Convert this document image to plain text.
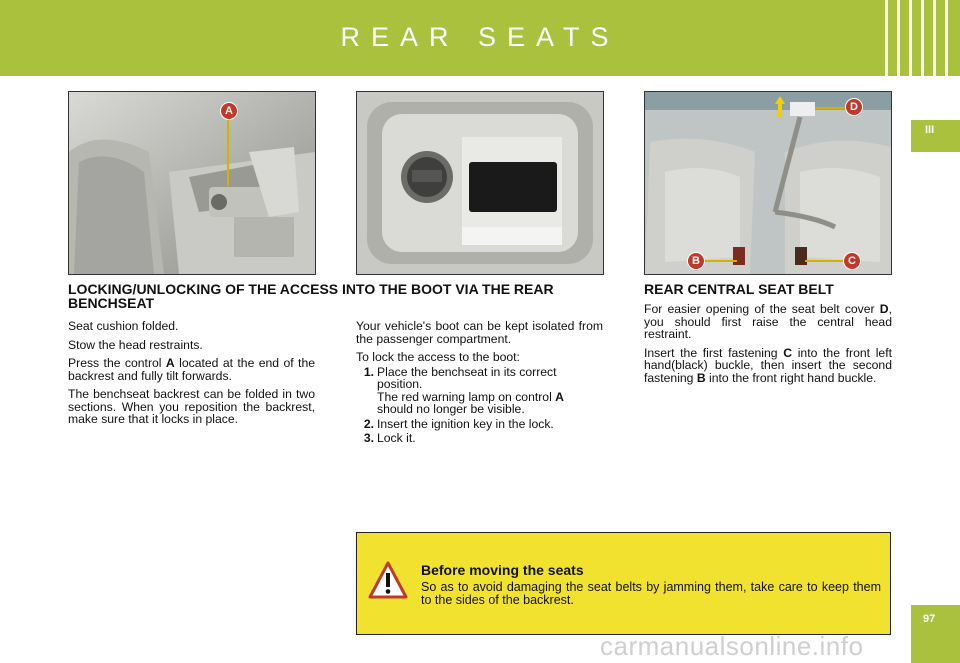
REAR SEATS
III
97
A	D
B	C
LOCKING/UNLOCKING OF THE ACCESS INTO THE BOOT VIA THE REAR BENCHSEAT

Seat cushion folded.

Stow the head restraints.

Press the control A located at the end of the backrest and fully tilt forwards.

The benchseat backrest can be folded in two sections. When you reposition the backrest, make sure that it locks in place.

Your vehicle's boot can be kept isolated from the passenger compartment.

To lock the access to the boot:

1. Place the benchseat in its correct position.
The red warning lamp on control A should no longer be visible.
2. Insert the ignition key in the lock.
3. Lock it.
REAR CENTRAL SEAT BELT

For easier opening of the seat belt cover D, you should first raise the central head restraint.

Insert the first fastening C into the front left hand(black) buckle, then insert the second fastening B into the front right hand buckle.

Before moving the seats
So as to avoid damaging the seat belts by jamming them, take care to keep them to the sides of the backrest.
carmanualsonline.info
